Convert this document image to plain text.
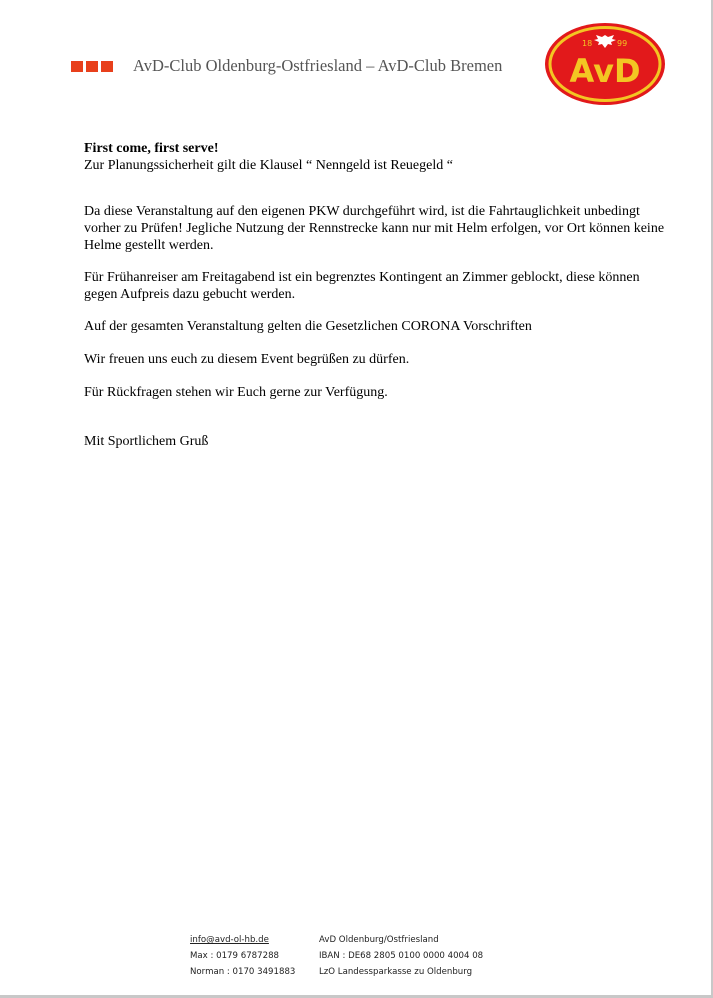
AvD-Club Oldenburg-Ostfriesland – AvD-Club Bremen
18	99
AvD

First come, first serve!

Zur Planungssicherheit gilt die Klausel “ Nenngeld ist Reuegeld “

Da diese Veranstaltung auf den eigenen PKW durchgeführt wird, ist die Fahrtauglichkeit unbedingt vorher zu Prüfen! Jegliche Nutzung der Rennstrecke kann nur mit Helm erfolgen, vor Ort können keine Helme gestellt werden.

Für Frühanreiser am Freitagabend ist ein begrenztes Kontingent an Zimmer geblockt, diese können gegen Aufpreis dazu gebucht werden.

Auf der gesamten Veranstaltung gelten die Gesetzlichen CORONA Vorschriften

Wir freuen uns euch zu diesem Event begrüßen zu dürfen.

Für Rückfragen stehen wir Euch gerne zur Verfügung.

Mit Sportlichem Gruß

info@avd-ol-hb.de
Max : 0179 6787288
Norman : 0170 3491883
AvD Oldenburg/Ostfriesland
IBAN : DE68 2805 0100 0000 4004 08
LzO Landessparkasse zu Oldenburg
